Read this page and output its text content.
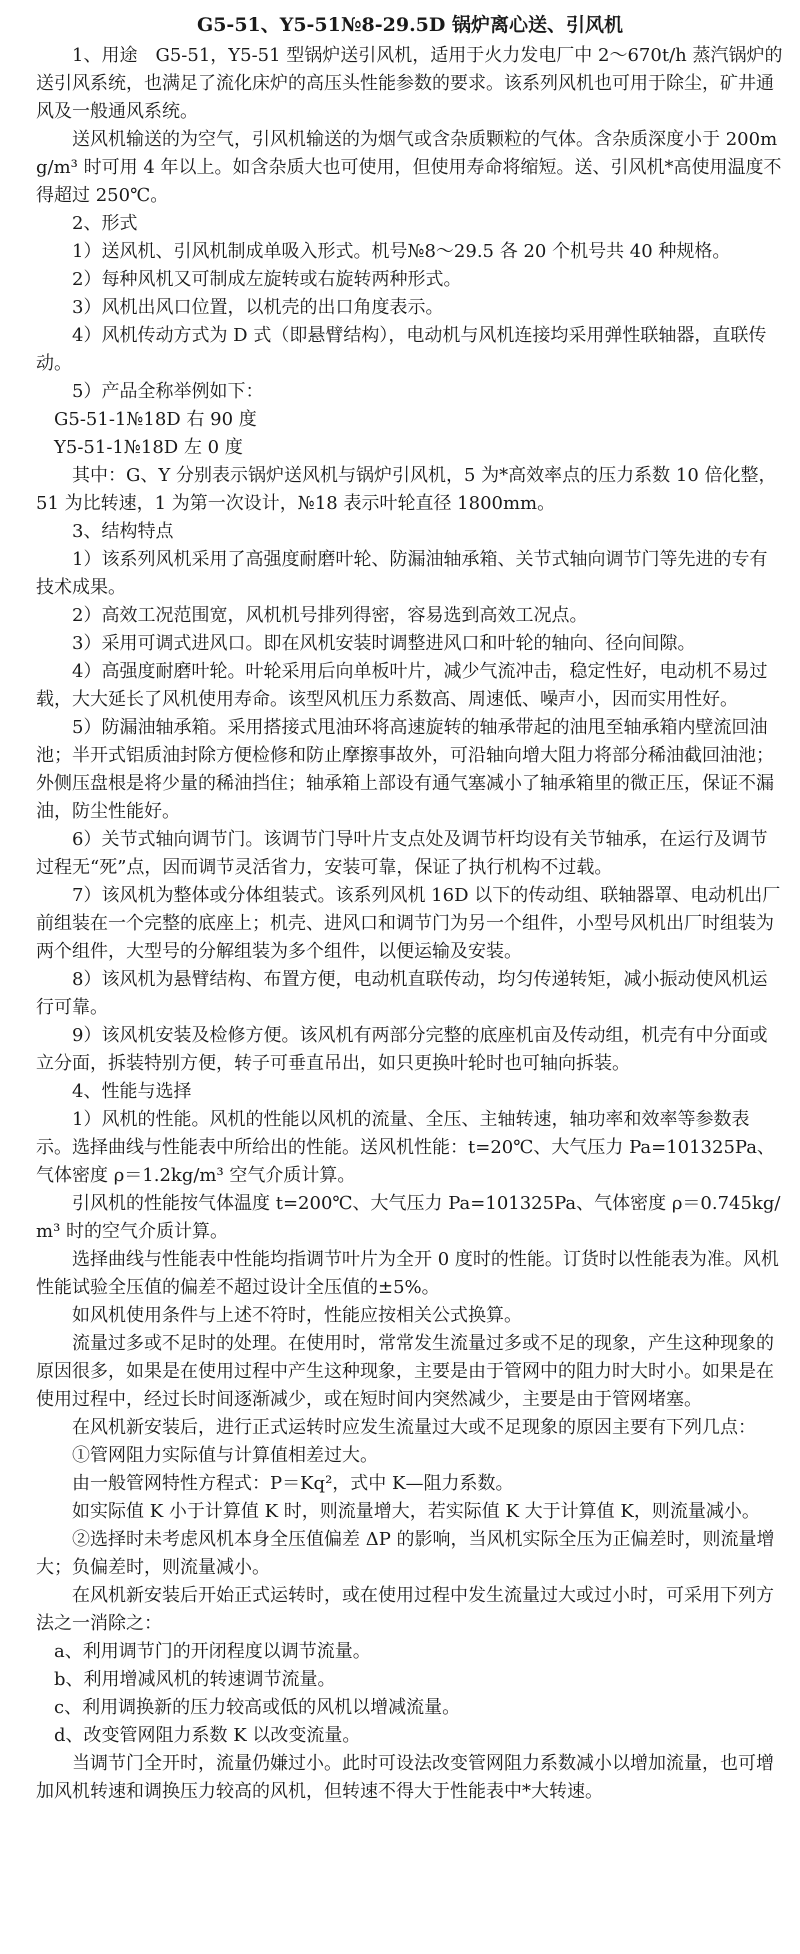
G5-51、Y5-51№8-29.5D 锅炉离心送、引风机

1、用途　G5-51，Y5-51 型锅炉送引风机，适用于火力发电厂中 2～670t/h 蒸汽锅炉的送引风系统，也满足了流化床炉的高压头性能参数的要求。该系列风机也可用于除尘，矿井通风及一般通风系统。

送风机输送的为空气，引风机输送的为烟气或含杂质颗粒的气体。含杂质深度小于 200mg/m³ 时可用 4 年以上。如含杂质大也可使用，但使用寿命将缩短。送、引风机*高使用温度不得超过 250℃。

2、形式

1）送风机、引风机制成单吸入形式。机号№8～29.5 各 20 个机号共 40 种规格。

2）每种风机又可制成左旋转或右旋转两种形式。

3）风机出风口位置，以机壳的出口角度表示。

4）风机传动方式为 D 式（即悬臂结构），电动机与风机连接均采用弹性联轴器，直联传动。

5）产品全称举例如下：

G5-51-1№18D 右 90 度

Y5-51-1№18D 左 0 度

其中：G、Y 分别表示锅炉送风机与锅炉引风机，5 为*高效率点的压力系数 10 倍化整，51 为比转速，1 为第一次设计，№18 表示叶轮直径 1800mm。

3、结构特点

1）该系列风机采用了高强度耐磨叶轮、防漏油轴承箱、关节式轴向调节门等先进的专有技术成果。

2）高效工况范围宽，风机机号排列得密，容易选到高效工况点。

3）采用可调式进风口。即在风机安装时调整进风口和叶轮的轴向、径向间隙。

4）高强度耐磨叶轮。叶轮采用后向单板叶片，减少气流冲击，稳定性好，电动机不易过载，大大延长了风机使用寿命。该型风机压力系数高、周速低、噪声小，因而实用性好。

5）防漏油轴承箱。采用搭接式甩油环将高速旋转的轴承带起的油甩至轴承箱内壁流回油池；半开式铝质油封除方便检修和防止摩擦事故外，可沿轴向增大阻力将部分稀油截回油池；外侧压盘根是将少量的稀油挡住；轴承箱上部设有通气塞减小了轴承箱里的微正压，保证不漏油，防尘性能好。

6）关节式轴向调节门。该调节门导叶片支点处及调节杆均设有关节轴承，在运行及调节过程无“死”点，因而调节灵活省力，安装可靠，保证了执行机构不过载。

7）该风机为整体或分体组装式。该系列风机 16D 以下的传动组、联轴器罩、电动机出厂前组装在一个完整的底座上；机壳、进风口和调节门为另一个组件，小型号风机出厂时组装为两个组件，大型号的分解组装为多个组件，以便运输及安装。

8）该风机为悬臂结构、布置方便，电动机直联传动，均匀传递转矩，减小振动使风机运行可靠。

9）该风机安装及检修方便。该风机有两部分完整的底座机亩及传动组，机壳有中分面或立分面，拆装特别方便，转子可垂直吊出，如只更换叶轮时也可轴向拆装。

4、性能与选择

1）风机的性能。风机的性能以风机的流量、全压、主轴转速，轴功率和效率等参数表示。选择曲线与性能表中所给出的性能。送风机性能：t=20℃、大气压力 Pa=101325Pa、气体密度 ρ＝1.2kg/m³ 空气介质计算。

引风机的性能按气体温度 t=200℃、大气压力 Pa=101325Pa、气体密度 ρ＝0.745kg/m³ 时的空气介质计算。

选择曲线与性能表中性能均指调节叶片为全开 0 度时的性能。订货时以性能表为准。风机性能试验全压值的偏差不超过设计全压值的±5%。

如风机使用条件与上述不符时，性能应按相关公式换算。

流量过多或不足时的处理。在使用时，常常发生流量过多或不足的现象，产生这种现象的原因很多，如果是在使用过程中产生这种现象，主要是由于管网中的阻力时大时小。如果是在使用过程中，经过长时间逐渐减少，或在短时间内突然减少，主要是由于管网堵塞。

在风机新安装后，进行正式运转时应发生流量过大或不足现象的原因主要有下列几点：

①管网阻力实际值与计算值相差过大。

由一般管网特性方程式：P＝Kq²，式中 K—阻力系数。

如实际值 K 小于计算值 K 时，则流量增大，若实际值 K 大于计算值 K，则流量减小。

②选择时未考虑风机本身全压值偏差 ΔP 的影响，当风机实际全压为正偏差时，则流量增大；负偏差时，则流量减小。

在风机新安装后开始正式运转时，或在使用过程中发生流量过大或过小时，可采用下列方法之一消除之：

a、利用调节门的开闭程度以调节流量。

b、利用增减风机的转速调节流量。

c、利用调换新的压力较高或低的风机以增减流量。

d、改变管网阻力系数 K 以改变流量。

当调节门全开时，流量仍嫌过小。此时可设法改变管网阻力系数减小以增加流量，也可增加风机转速和调换压力较高的风机，但转速不得大于性能表中*大转速。
